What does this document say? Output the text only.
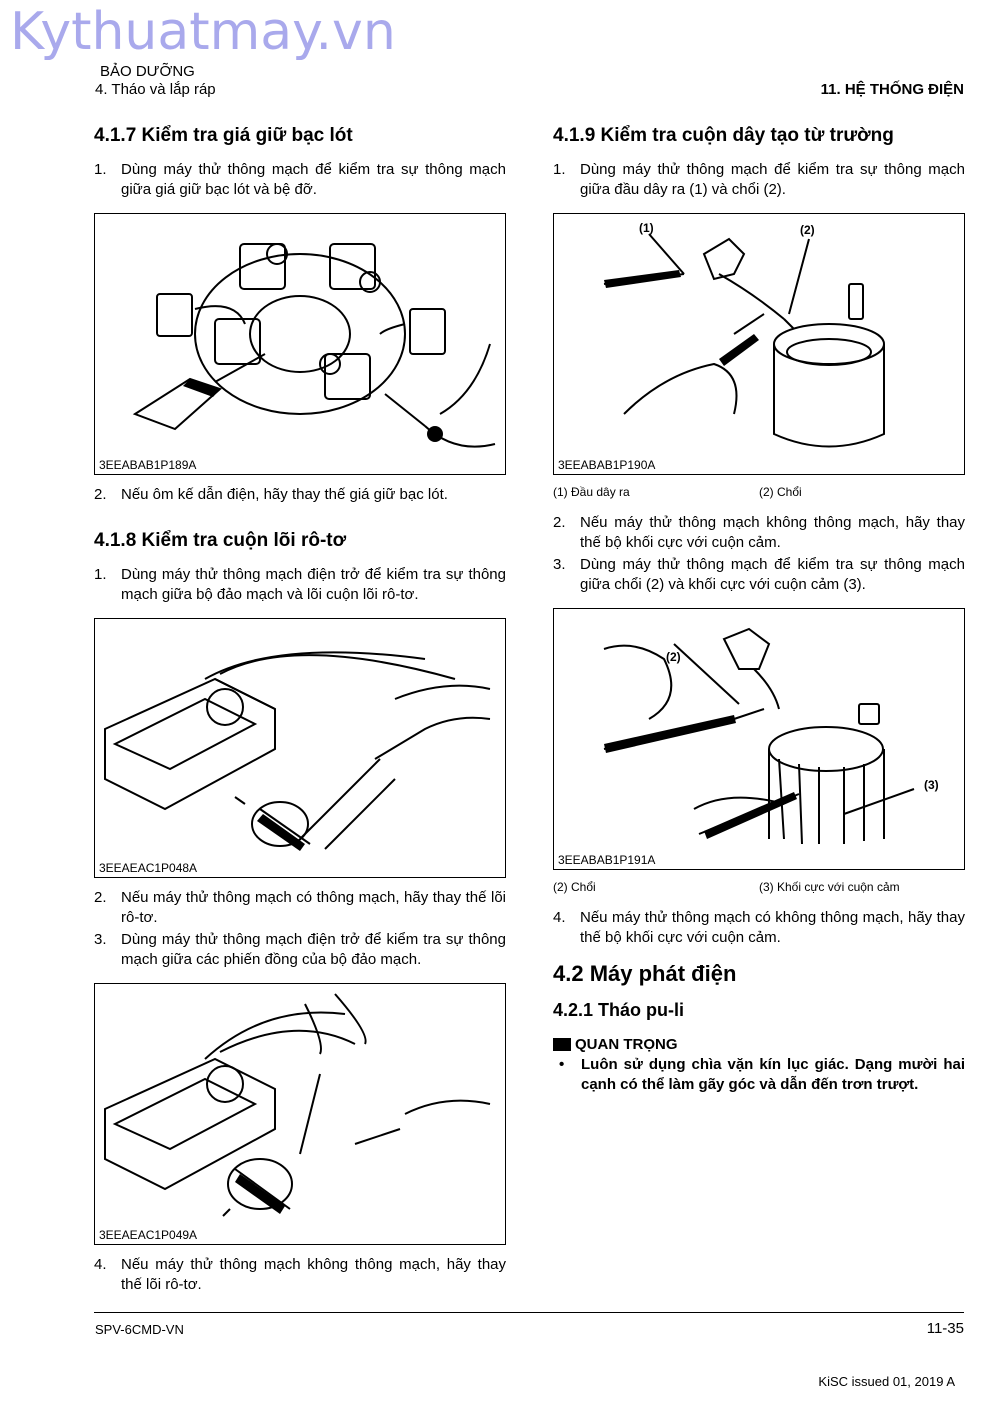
Kythuatmay.vn
BẢO DƯỠNG
4. Tháo và lắp ráp	11. HỆ THỐNG ĐIỆN
4.1.7 Kiểm tra giá giữ bạc lót
1. Dùng máy thử thông mạch để kiểm tra sự thông mạch giữa giá giữ bạc lót và bệ đỡ.
3EEABAB1P189A
2. Nếu ôm kế dẫn điện, hãy thay thế giá giữ bạc lót.
4.1.8 Kiểm tra cuộn lõi rô-tơ
1. Dùng máy thử thông mạch điện trở để kiểm tra sự thông mạch giữa bộ đảo mạch và lõi cuộn lõi rô-tơ.
3EEAEAC1P048A
2. Nếu máy thử thông mạch có thông mạch, hãy thay thế lõi rô-tơ.
3. Dùng máy thử thông mạch điện trở để kiểm tra sự thông mạch giữa các phiến đồng của bộ đảo mạch.
3EEAEAC1P049A
4. Nếu máy thử thông mạch không thông mạch, hãy thay thế lõi rô-tơ.
4.1.9 Kiểm tra cuộn dây tạo từ trường
1. Dùng máy thử thông mạch để kiểm tra sự thông mạch giữa đầu dây ra (1) và chổi (2).
(1)	(2)
3EEABAB1P190A
(1) Đầu dây ra	(2) Chổi
2. Nếu máy thử thông mạch không thông mạch, hãy thay thế bộ khối cực với cuộn cảm.
3. Dùng máy thử thông mạch để kiểm tra sự thông mạch giữa chổi (2) và khối cực với cuộn cảm (3).
(2)
(3)
3EEABAB1P191A
(2) Chổi	(3) Khối cực với cuộn cảm
4. Nếu máy thử thông mạch có không thông mạch, hãy thay thế bộ khối cực với cuộn cảm.
4.2 Máy phát điện
4.2.1 Tháo pu-li
QUAN TRỌNG
• Luôn sử dụng chìa vặn kín lục giác. Dạng mười hai cạnh có thể làm gãy góc và dẫn đến trơn trượt.
SPV-6CMD-VN	11-35
KiSC issued 01, 2019 A
